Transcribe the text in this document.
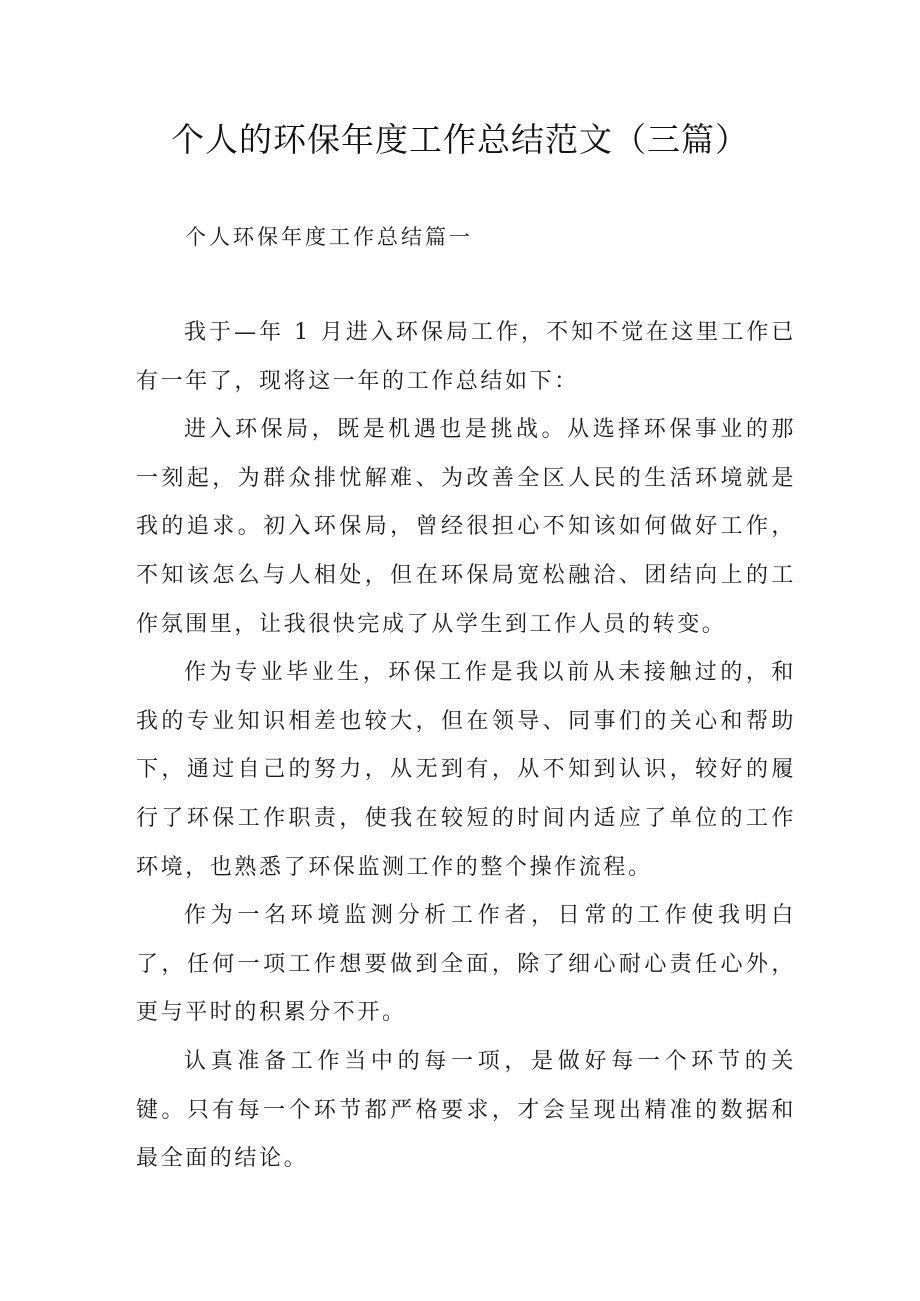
个人的环保年度工作总结范文（三篇）
个人环保年度工作总结篇一

我于—年 1 月进入环保局工作，不知不觉在这里工作已有一年了，现将这一年的工作总结如下：

进入环保局，既是机遇也是挑战。从选择环保事业的那一刻起，为群众排忧解难、为改善全区人民的生活环境就是我的追求。初入环保局，曾经很担心不知该如何做好工作，不知该怎么与人相处，但在环保局宽松融洽、团结向上的工作氛围里，让我很快完成了从学生到工作人员的转变。

作为专业毕业生，环保工作是我以前从未接触过的，和我的专业知识相差也较大，但在领导、同事们的关心和帮助下，通过自己的努力，从无到有，从不知到认识，较好的履行了环保工作职责，使我在较短的时间内适应了单位的工作环境，也熟悉了环保监测工作的整个操作流程。

作为一名环境监测分析工作者，日常的工作使我明白了，任何一项工作想要做到全面，除了细心耐心责任心外，更与平时的积累分不开。

认真准备工作当中的每一项，是做好每一个环节的关键。只有每一个环节都严格要求，才会呈现出精准的数据和最全面的结论。
